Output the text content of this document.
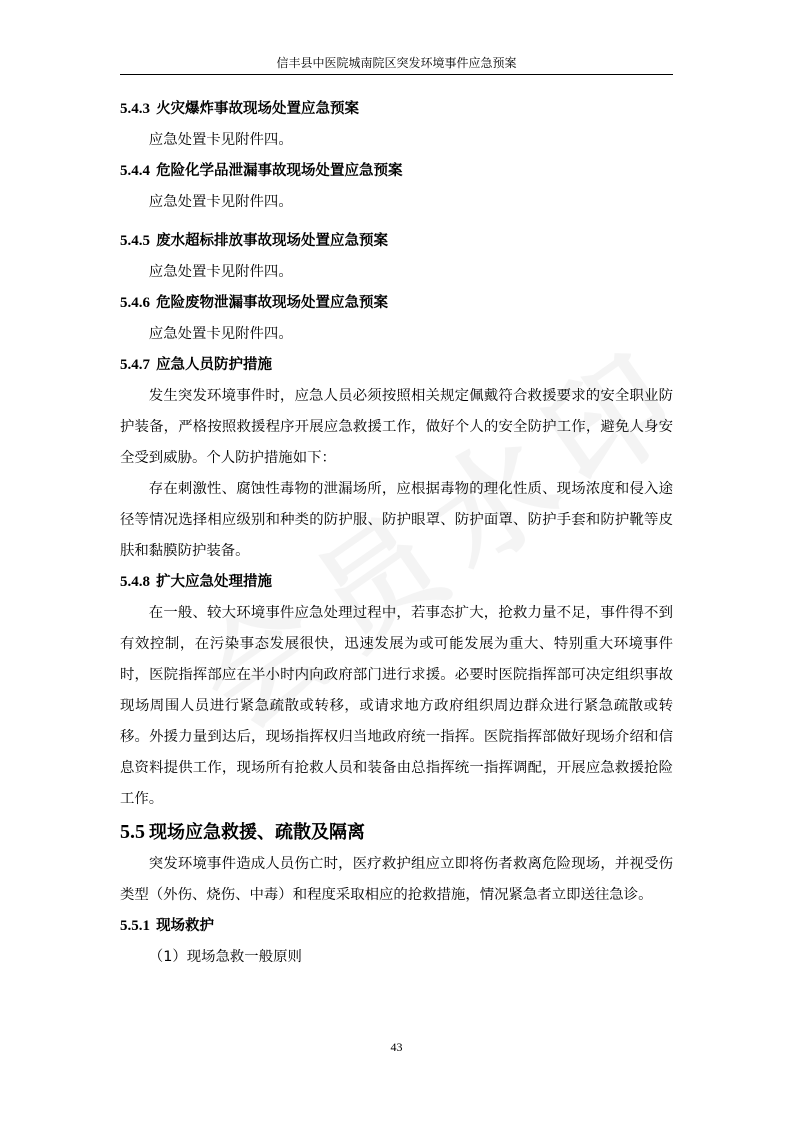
信丰县中医院城南院区突发环境事件应急预案
5.4.3 火灾爆炸事故现场处置应急预案

应急处置卡见附件四。

5.4.4 危险化学品泄漏事故现场处置应急预案

应急处置卡见附件四。

5.4.5 废水超标排放事故现场处置应急预案

应急处置卡见附件四。

5.4.6 危险废物泄漏事故现场处置应急预案

应急处置卡见附件四。

5.4.7 应急人员防护措施

发生突发环境事件时，应急人员必须按照相关规定佩戴符合救援要求的安全职业防护装备，严格按照救援程序开展应急救援工作，做好个人的安全防护工作，避免人身安全受到威胁。个人防护措施如下：

存在刺激性、腐蚀性毒物的泄漏场所，应根据毒物的理化性质、现场浓度和侵入途径等情况选择相应级别和种类的防护服、防护眼罩、防护面罩、防护手套和防护靴等皮肤和黏膜防护装备。

5.4.8 扩大应急处理措施

在一般、较大环境事件应急处理过程中，若事态扩大，抢救力量不足，事件得不到有效控制，在污染事态发展很快，迅速发展为或可能发展为重大、特别重大环境事件时，医院指挥部应在半小时内向政府部门进行求援。必要时医院指挥部可决定组织事故现场周围人员进行紧急疏散或转移，或请求地方政府组织周边群众进行紧急疏散或转移。外援力量到达后，现场指挥权归当地政府统一指挥。医院指挥部做好现场介绍和信息资料提供工作，现场所有抢救人员和装备由总指挥统一指挥调配，开展应急救援抢险工作。

5.5 现场应急救援、疏散及隔离

突发环境事件造成人员伤亡时，医疗救护组应立即将伤者救离危险现场，并视受伤类型（外伤、烧伤、中毒）和程度采取相应的抢救措施，情况紧急者立即送往急诊。

5.5.1 现场救护

（1）现场急救一般原则

43
